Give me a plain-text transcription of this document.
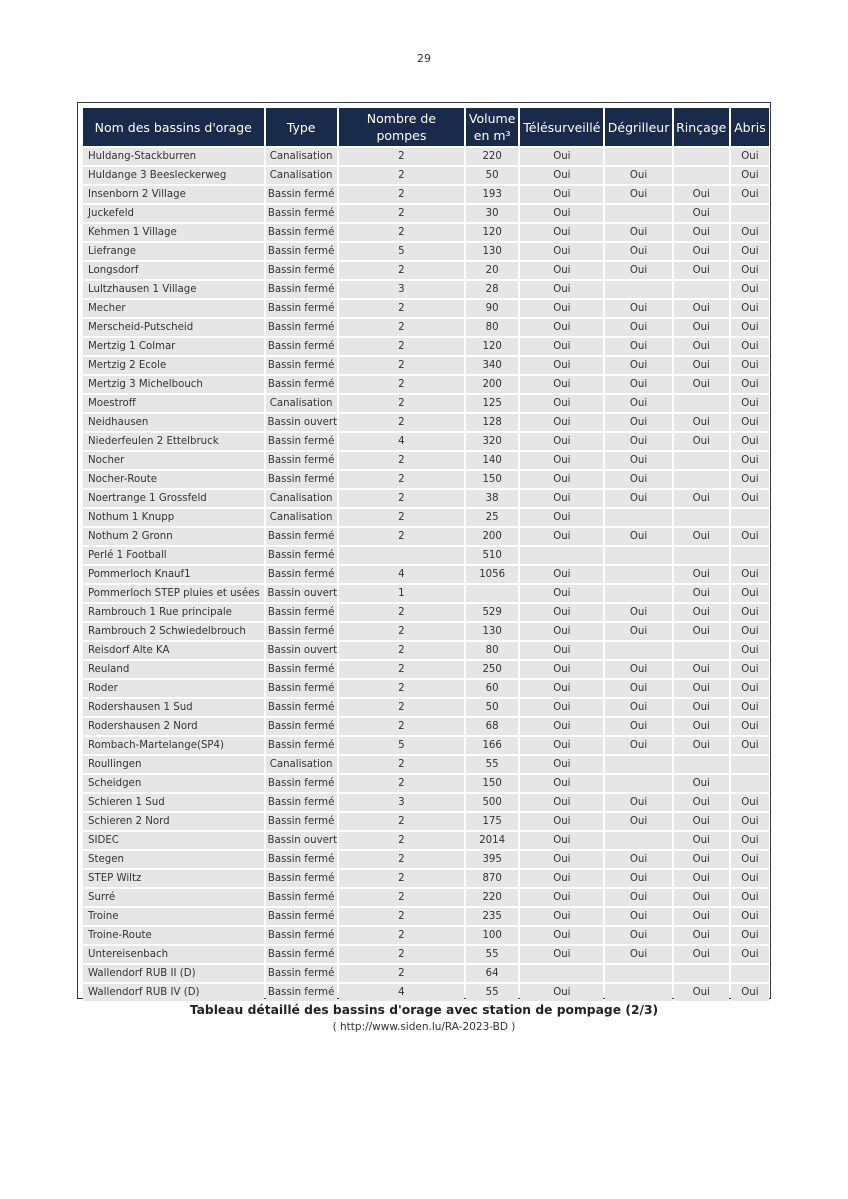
29
Nom des bassins d'orage	Type	Nombre de pompes	Volume en m³	Télésurveillé	Dégrilleur	Rinçage	Abris
Huldang-Stackburren	Canalisation	2	220	Oui			Oui
Huldange 3 Beesleckerweg	Canalisation	2	50	Oui	Oui		Oui
Insenborn 2 Village	Bassin fermé	2	193	Oui	Oui	Oui	Oui
Juckefeld	Bassin fermé	2	30	Oui		Oui	
Kehmen 1 Village	Bassin fermé	2	120	Oui	Oui	Oui	Oui
Liefrange	Bassin fermé	5	130	Oui	Oui	Oui	Oui
Longsdorf	Bassin fermé	2	20	Oui	Oui	Oui	Oui
Lultzhausen 1 Village	Bassin fermé	3	28	Oui			Oui
Mecher	Bassin fermé	2	90	Oui	Oui	Oui	Oui
Merscheid-Putscheid	Bassin fermé	2	80	Oui	Oui	Oui	Oui
Mertzig 1 Colmar	Bassin fermé	2	120	Oui	Oui	Oui	Oui
Mertzig 2 Ecole	Bassin fermé	2	340	Oui	Oui	Oui	Oui
Mertzig 3 Michelbouch	Bassin fermé	2	200	Oui	Oui	Oui	Oui
Moestroff	Canalisation	2	125	Oui	Oui		Oui
Neidhausen	Bassin ouvert	2	128	Oui	Oui	Oui	Oui
Niederfeulen 2 Ettelbruck	Bassin fermé	4	320	Oui	Oui	Oui	Oui
Nocher	Bassin fermé	2	140	Oui	Oui		Oui
Nocher-Route	Bassin fermé	2	150	Oui	Oui		Oui
Noertrange 1 Grossfeld	Canalisation	2	38	Oui	Oui	Oui	Oui
Nothum 1 Knupp	Canalisation	2	25	Oui			
Nothum 2 Gronn	Bassin fermé	2	200	Oui	Oui	Oui	Oui
Perlé 1 Football	Bassin fermé		510				
Pommerloch Knauf1	Bassin fermé	4	1056	Oui		Oui	Oui
Pommerloch STEP pluies et usées	Bassin ouvert	1		Oui		Oui	Oui
Rambrouch 1 Rue principale	Bassin fermé	2	529	Oui	Oui	Oui	Oui
Rambrouch 2 Schwiedelbrouch	Bassin fermé	2	130	Oui	Oui	Oui	Oui
Reisdorf Alte KA	Bassin ouvert	2	80	Oui			Oui
Reuland	Bassin fermé	2	250	Oui	Oui	Oui	Oui
Roder	Bassin fermé	2	60	Oui	Oui	Oui	Oui
Rodershausen 1 Sud	Bassin fermé	2	50	Oui	Oui	Oui	Oui
Rodershausen 2 Nord	Bassin fermé	2	68	Oui	Oui	Oui	Oui
Rombach-Martelange(SP4)	Bassin fermé	5	166	Oui	Oui	Oui	Oui
Roullingen	Canalisation	2	55	Oui			
Scheidgen	Bassin fermé	2	150	Oui		Oui	
Schieren 1 Sud	Bassin fermé	3	500	Oui	Oui	Oui	Oui
Schieren 2 Nord	Bassin fermé	2	175	Oui	Oui	Oui	Oui
SIDEC	Bassin ouvert	2	2014	Oui		Oui	Oui
Stegen	Bassin fermé	2	395	Oui	Oui	Oui	Oui
STEP Wiltz	Bassin fermé	2	870	Oui	Oui	Oui	Oui
Surré	Bassin fermé	2	220	Oui	Oui	Oui	Oui
Troine	Bassin fermé	2	235	Oui	Oui	Oui	Oui
Troine-Route	Bassin fermé	2	100	Oui	Oui	Oui	Oui
Untereisenbach	Bassin fermé	2	55	Oui	Oui	Oui	Oui
Wallendorf RUB II (D)	Bassin fermé	2	64				
Wallendorf RUB IV (D)	Bassin fermé	4	55	Oui		Oui	Oui
Tableau détaillé des bassins d'orage avec station de pompage (2/3)
( http://www.siden.lu/RA-2023-BD )
